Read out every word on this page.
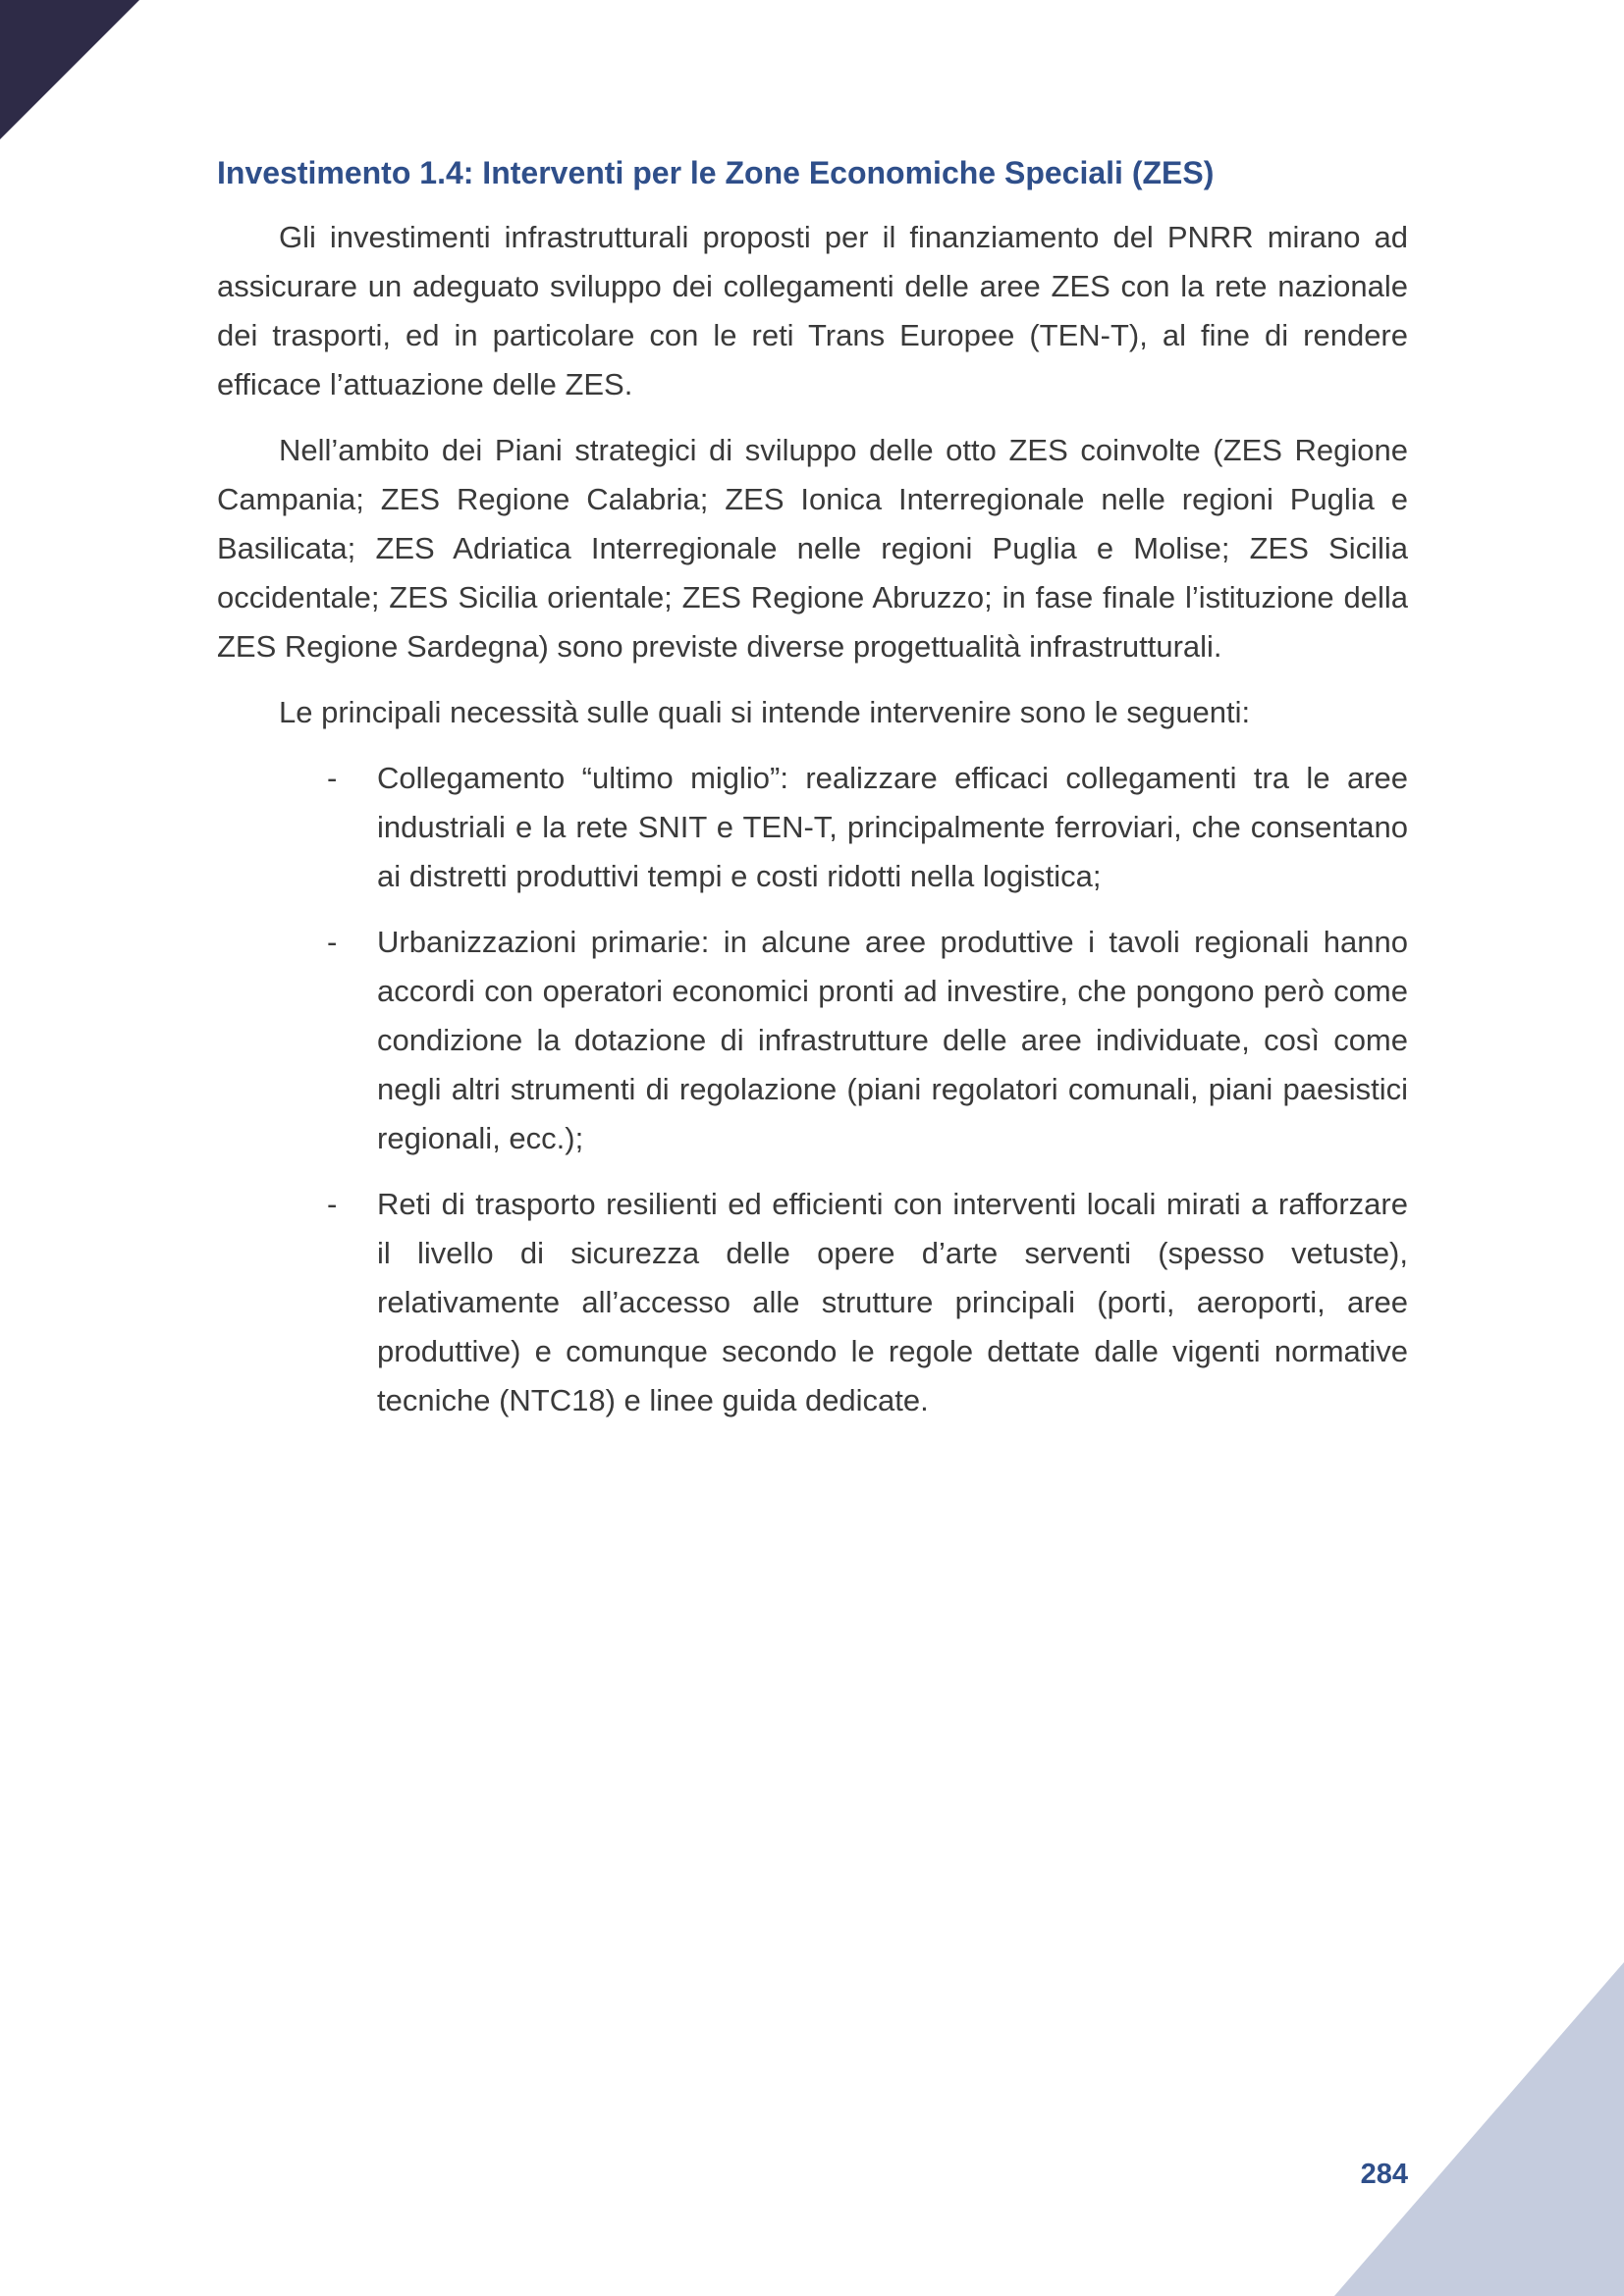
Investimento 1.4: Interventi per le Zone Economiche Speciali (ZES)

Gli investimenti infrastrutturali proposti per il finanziamento del PNRR mirano ad assicurare un adeguato sviluppo dei collegamenti delle aree ZES con la rete nazionale dei trasporti, ed in particolare con le reti Trans Europee (TEN-T), al fine di rendere efficace l’attuazione delle ZES.

Nell’ambito dei Piani strategici di sviluppo delle otto ZES coinvolte (ZES Regione Campania; ZES Regione Calabria; ZES Ionica Interregionale nelle regioni Puglia e Basilicata; ZES Adriatica Interregionale nelle regioni Puglia e Molise; ZES Sicilia occidentale; ZES Sicilia orientale; ZES Regione Abruzzo; in fase finale l’istituzione della ZES Regione Sardegna) sono previste diverse progettualità infrastrutturali.

Le principali necessità sulle quali si intende intervenire sono le seguenti:

- Collegamento “ultimo miglio”: realizzare efficaci collegamenti tra le aree industriali e la rete SNIT e TEN-T, principalmente ferroviari, che consentano ai distretti produttivi tempi e costi ridotti nella logistica;
- Urbanizzazioni primarie: in alcune aree produttive i tavoli regionali hanno accordi con operatori economici pronti ad investire, che pongono però come condizione la dotazione di infrastrutture delle aree individuate, così come negli altri strumenti di regolazione (piani regolatori comunali, piani paesistici regionali, ecc.);
- Reti di trasporto resilienti ed efficienti con interventi locali mirati a rafforzare il livello di sicurezza delle opere d’arte serventi (spesso vetuste), relativamente all’accesso alle strutture principali (porti, aeroporti, aree produttive) e comunque secondo le regole dettate dalle vigenti normative tecniche (NTC18) e linee guida dedicate.
284
